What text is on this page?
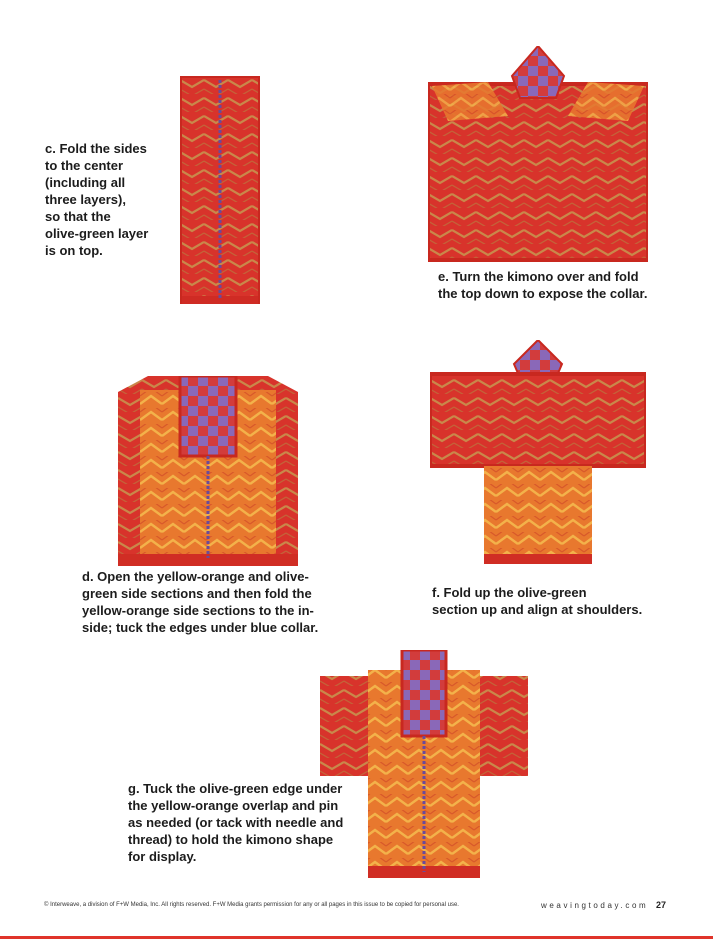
c. Fold the sides
to the center
(including all
three layers),
so that the
olive-green layer
is on top.
e. Turn the kimono over and fold
the top down to expose the collar.
d. Open the yellow-orange and olive-
green side sections and then fold the
yellow-orange side sections to the in-
side; tuck the edges under blue collar.
f. Fold up the olive-green
section up and align at shoulders.
g. Tuck the olive-green edge under
the yellow-orange overlap and pin
as needed (or tack with needle and
thread) to hold the kimono shape
for display.
© Interweave, a division of F+W Media, Inc. All rights reserved. F+W Media grants permission for any or all pages in this issue to be copied for personal use.	weavingtoday.com 27
